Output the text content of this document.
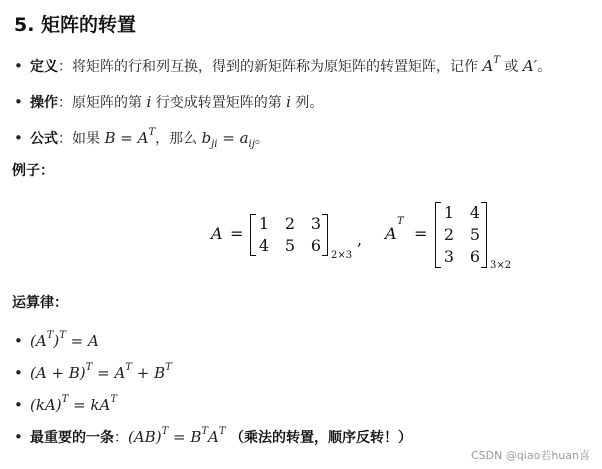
5. 矩阵的转置
• 定义：将矩阵的行和列互换，得到的新矩阵称为原矩阵的转置矩阵，记作 $A^T$ 或 A′。
• 操作：原矩阵的第 i 行变成转置矩阵的第 i 列。
• 公式：如果 $B = A^T$，那么 $b_{ji} = a_{ij}$。
例子：
A =
1 2 3
4 5 6
2×3
, A
T
=
1 4
2 5
3 6 3×2
运算律：
• $(A^T)^T = A$
• $(A + B)^T = A^T + B^T$
• $(kA)^T = kA^T$
• 最重要的一条：$(AB)^T = B^TA^T$ （乘法的转置，顺序反转！）
CSDN @qiao若huan喜
